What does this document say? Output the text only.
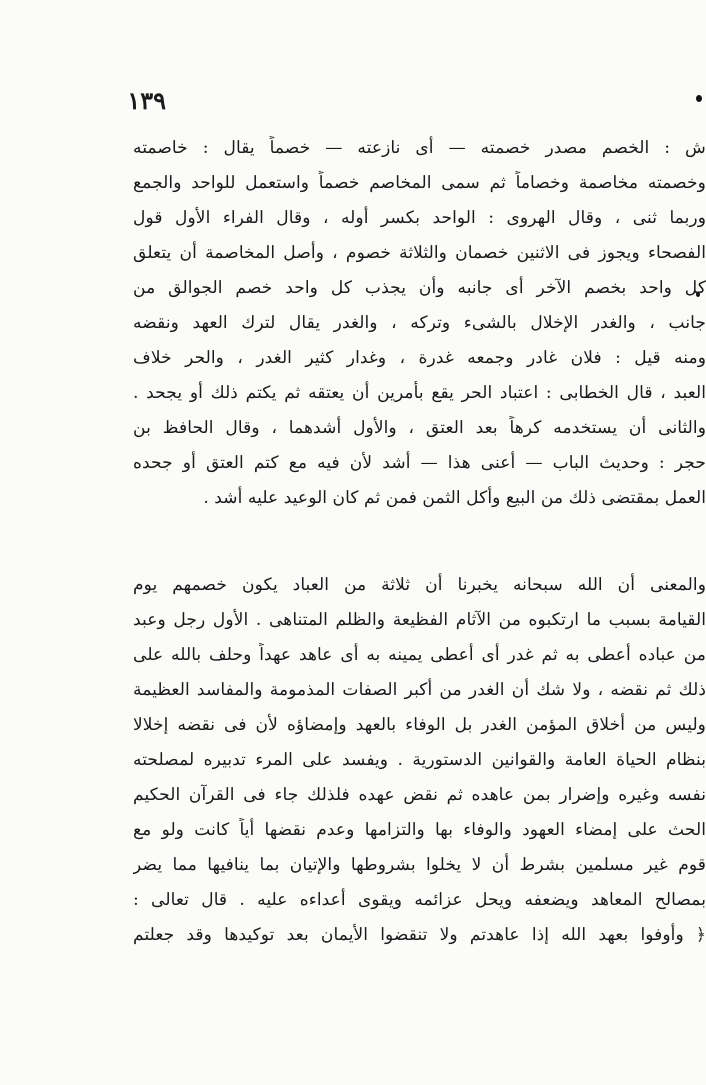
١٣٩
ش : الخصم مصدر خصمته — أى نازعته — خصماً يقال : خاصمته
وخصمته مخاصمة وخصاماً ثم سمى المخاصم خصماً واستعمل للواحد والجمع
وربما ثنى ، وقال الهروى : الواحد بكسر أوله ، وقال الفراء الأول قول
الفصحاء ويجوز فى الاثنين خصمان والثلاثة خصوم ، وأصل المخاصمة أن يتعلق
كل واحد بخصم الآخر أى جانبه وأن يجذب كل واحد خصم الجوالق من
جانب ، والغدر الإخلال بالشىء وتركه ، والغدر يقال لترك العهد ونقضه
ومنه قيل : فلان غادر وجمعه غدرة ، وغدار كثير الغدر ، والحر خلاف
العبد ، قال الخطابى : اعتباد الحر يقع بأمرين أن يعتقه ثم يكتم ذلك أو يجحد .
والثانى أن يستخدمه كرهاً بعد العتق ، والأول أشدهما ، وقال الحافظ بن
حجر : وحديث الباب — أعنى هذا — أشد لأن فيه مع كتم العتق أو جحده
العمل بمقتضى ذلك من البيع وأكل الثمن فمن ثم كان الوعيد عليه أشد .
والمعنى أن الله سبحانه يخبرنا أن ثلاثة من العباد يكون خصمهم يوم
القيامة بسبب ما ارتكبوه من الآثام الفظيعة والظلم المتناهى . الأول رجل وعبد
من عباده أعطى به ثم غدر أى أعطى يمينه به أى عاهد عهداً وحلف بالله على
ذلك ثم نقضه ، ولا شك أن الغدر من أكبر الصفات المذمومة والمفاسد العظيمة
وليس من أخلاق المؤمن الغدر بل الوفاء بالعهد وإمضاؤه لأن فى نقضه إخلالا
بنظام الحياة العامة والقوانين الدستورية . ويفسد على المرء تدبيره لمصلحته
نفسه وغيره وإضرار بمن عاهده ثم نقض عهده فلذلك جاء فى القرآن الحكيم
الحث على إمضاء العهود والوفاء بها والتزامها وعدم نقضها أياً كانت ولو مع
قوم غير مسلمين بشرط أن لا يخلوا بشروطها والإتيان بما ينافيها مما يضر
بمصالح المعاهد ويضعفه ويحل عزائمه ويقوى أعداءه عليه . قال تعالى :
﴿ وأوفوا بعهد الله إذا عاهدتم ولا تنقضوا الأيمان بعد توكيدها وقد جعلتم
